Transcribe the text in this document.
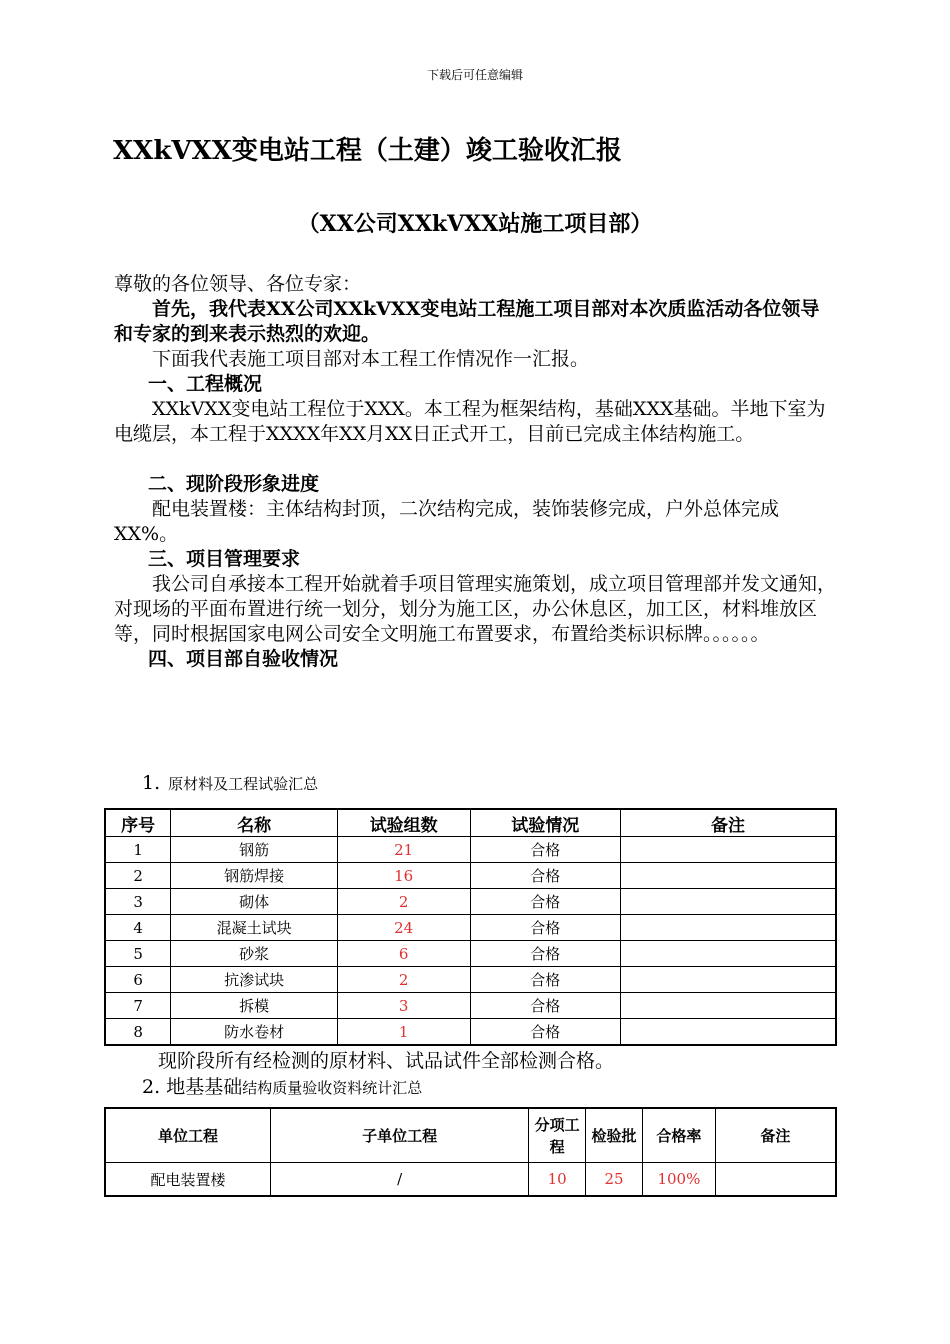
下载后可任意编辑
XXkVXX变电站工程（土建）竣工验收汇报
（XX公司XXkVXX站施工项目部）

尊敬的各位领导、各位专家：

首先，我代表XX公司XXkVXX变电站工程施工项目部对本次质监活动各位领导和专家的到来表示热烈的欢迎。

下面我代表施工项目部对本工程工作情况作一汇报。

一、工程概况

XXkVXX变电站工程位于XXX。本工程为框架结构，基础XXX基础。半地下室为电缆层，本工程于XXXX年XX月XX日正式开工，目前已完成主体结构施工。

二、现阶段形象进度

配电装置楼：主体结构封顶，二次结构完成，装饰装修完成，户外总体完成XX%。

三、项目管理要求

我公司自承接本工程开始就着手项目管理实施策划，成立项目管理部并发文通知，对现场的平面布置进行统一划分，划分为施工区，办公休息区，加工区，材料堆放区等，同时根据国家电网公司安全文明施工布置要求，布置给类标识标牌。。。。。。

四、项目部自验收情况

1. 原材料及工程试验汇总
序号	名称	试验组数	试验情况	备注
1	钢筋	21	合格	
2	钢筋焊接	16	合格	
3	砌体	2	合格	
4	混凝土试块	24	合格	
5	砂浆	6	合格	
6	抗渗试块	2	合格	
7	拆模	3	合格	
8	防水卷材	1	合格	
现阶段所有经检测的原材料、试品试件全部检测合格。
2. 地基基础结构质量验收资料统计汇总
单位工程	子单位工程	分项工程	检验批	合格率	备注
配电装置楼	/	10	25	100%	
